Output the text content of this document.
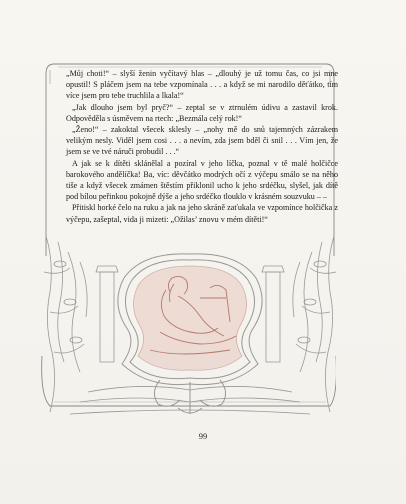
„Můj choti!“ – slyší ženin vyčítavý hlas – „dlouhý je už tomu čas, co jsi mne opustil! S pláčem jsem na tebe vzpomínala . . . a když se mi narodilo děťátko, tím více jsem pro tebe truchlila a lkala!“

„Jak dlouho jsem byl pryč?“ – zeptal se v ztrnulém údivu a zastavil krok. Odpověděla s úsměvem na rtech: „Bezmála celý rok!“

„Ženo!“ – zakoktal všecek sklesly – „nohy mě do snů tajemných zázrakem velikým nesly. Viděl jsem cosi . . . a nevím, zda jsem bděl či snil . . . Vím jen, že jsem se ve tvé náruči probudil . . .“

A jak se k dítěti sklánělal a pozíral v jeho líčka, poznal v tě malé holčičce barokového andělíčka! Ba, víc: děvčátko modrých očí z výčepu smálo se na něho tiše a když všecek zmámen štěstím přiklonil ucho k jeho srdéčku, slyšel, jak dítě pod bílou peřinkou pokojně dýše a jeho srdéčko tlouklo v krásném souzvuku – –

Přitiskl horké čelo na ruku a jak na jeho skráně zaťukala ve vzpomínce holčička z výčepu, zašeptal, vida ji mizeti: „Ožilas’ znovu v mém dítěti!“

99
